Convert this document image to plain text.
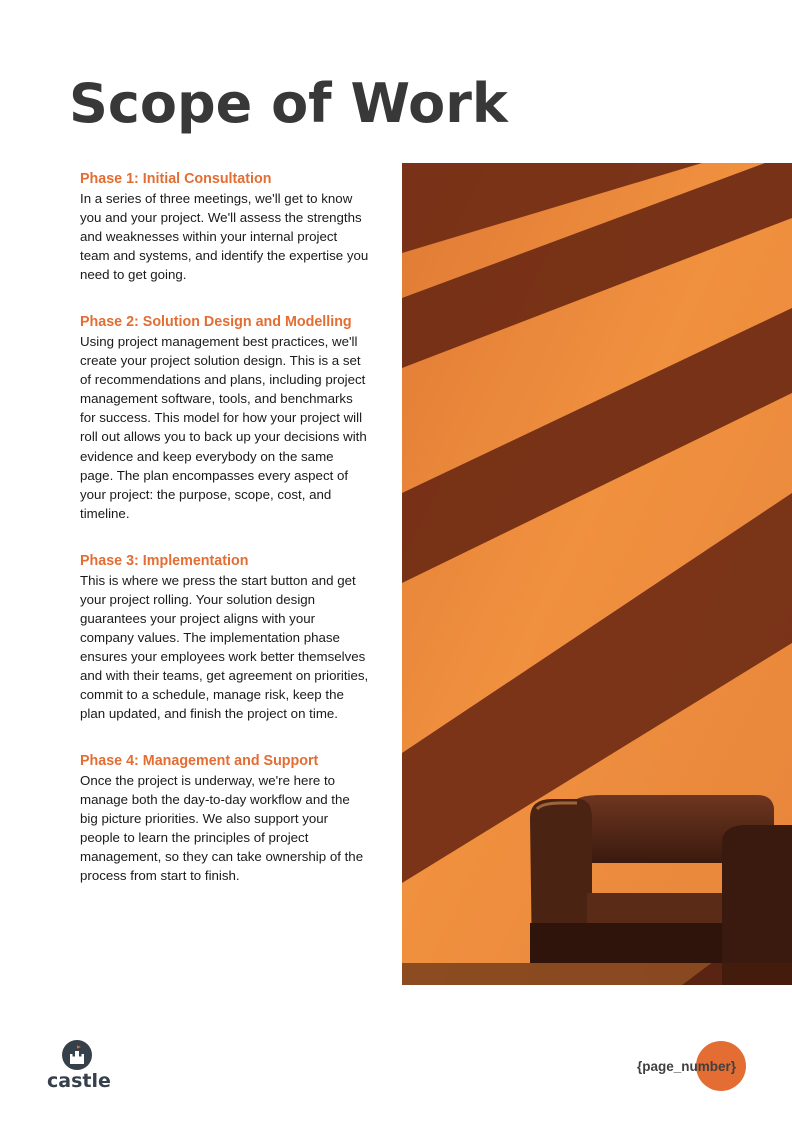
Scope of Work

Phase 1: Initial Consultation

In a series of three meetings, we'll get to know you and your project. We'll assess the strengths and weaknesses within your internal project team and systems, and identify the expertise you need to get going.

Phase 2: Solution Design and Modelling

Using project management best practices, we'll create your project solution design. This is a set of recommendations and plans, including project management software, tools, and benchmarks for success. This model for how your project will roll out allows you to back up your decisions with evidence and keep everybody on the same page. The plan encompasses every aspect of your project: the purpose, scope, cost, and timeline.

Phase 3: Implementation

This is where we press the start button and get your project rolling. Your solution design guarantees your project aligns with your company values. The implementation phase ensures your employees work better themselves and with their teams, get agreement on priorities, commit to a schedule, manage risk, keep the plan updated, and finish the project on time.

Phase 4: Management and Support

Once the project is underway, we're here to manage both the day-to-day workflow and the big picture priorities. We also support your people to learn the principles of project management, so they can take ownership of the process from start to finish.

castle

{page_number}
